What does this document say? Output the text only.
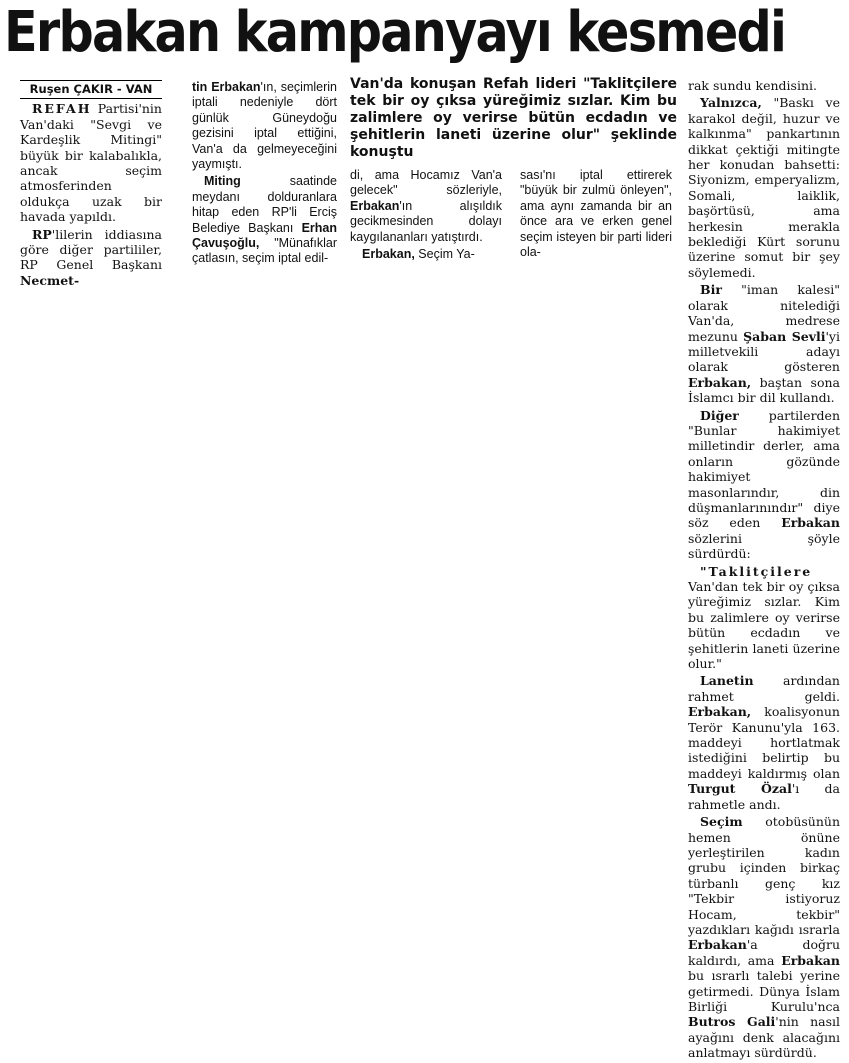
Erbakan kampanyayı kesmedi
Ruşen ÇAKIR - VAN

REFAH Partisi'nin Van'daki "Sevgi ve Kardeşlik Mitingi" büyük bir kalabalıkla, ancak seçim atmosferinden oldukça uzak bir havada yapıldı.

RP'lilerin iddiasına göre diğer partililer, RP Genel Başkanı Necmet-

tin Erbakan'ın, seçimlerin iptali nedeniyle dört günlük Güneydoğu gezisini iptal ettiğini, Van'a da gelmeyeceğini yaymıştı.

Miting saatinde meydanı dolduranlara hitap eden RP'li Erciş Belediye Başkanı Erhan Çavuşoğlu, "Münafıklar çatlasın, seçim iptal edil-

Van'da konuşan Refah lideri "Taklitçilere tek bir oy çıksa yüreğimiz sızlar. Kim bu zalimlere oy verirse bütün ecdadın ve şehitlerin laneti üzerine olur" şeklinde konuştu

di, ama Hocamız Van'a gelecek" sözleriyle, Erbakan'ın alışıldık gecikmesinden dolayı kaygılananları yatıştırdı.

Erbakan, Seçim Ya-

sası'nı iptal ettirerek "büyük bir zulmü önleyen", ama aynı zamanda bir an önce ara ve erken genel seçim isteyen bir parti lideri ola-

rak sundu kendisini.

Yalnızca, "Baskı ve karakol değil, huzur ve kalkınma" pankartının dikkat çektiği mitingte her konudan bahsetti: Siyonizm, emperyalizm, Somali, laiklik, başörtüsü, ama herkesin merakla beklediği Kürt sorunu üzerine somut bir şey söylemedi.

Bir "iman kalesi" olarak nitelediği Van'da, medrese mezunu Şaban Sevli'yi milletvekili adayı olarak gösteren Erbakan, baştan sona İslamcı bir dil kullandı.

Diğer partilerden "Bunlar hakimiyet milletindir derler, ama onların gözünde hakimiyet masonlarındır, din düşmanlarınındır" diye söz eden Erbakan sözlerini şöyle sürdürdü:

"Taklitçilere Van'dan tek bir oy çıksa yüreğimiz sızlar. Kim bu zalimlere oy verirse bütün ecdadın ve şehitlerin laneti üzerine olur."

Lanetin ardından rahmet geldi. Erbakan, koalisyonun Terör Kanunu'yla 163. maddeyi hortlatmak istediğini belirtip bu maddeyi kaldırmış olan Turgut Özal'ı da rahmetle andı.

Seçim otobüsünün hemen önüne yerleştirilen kadın grubu içinden birkaç türbanlı genç kız "Tekbir istiyoruz Hocam, tekbir" yazdıkları kağıdı ısrarla Erbakan'a doğru kaldırdı, ama Erbakan bu ısrarlı talebi yerine getirmedi. Dünya İslam Birliği Kurulu'nca Butros Gali'nin nasıl ayağını denk alacağını anlatmayı sürdürdü.
